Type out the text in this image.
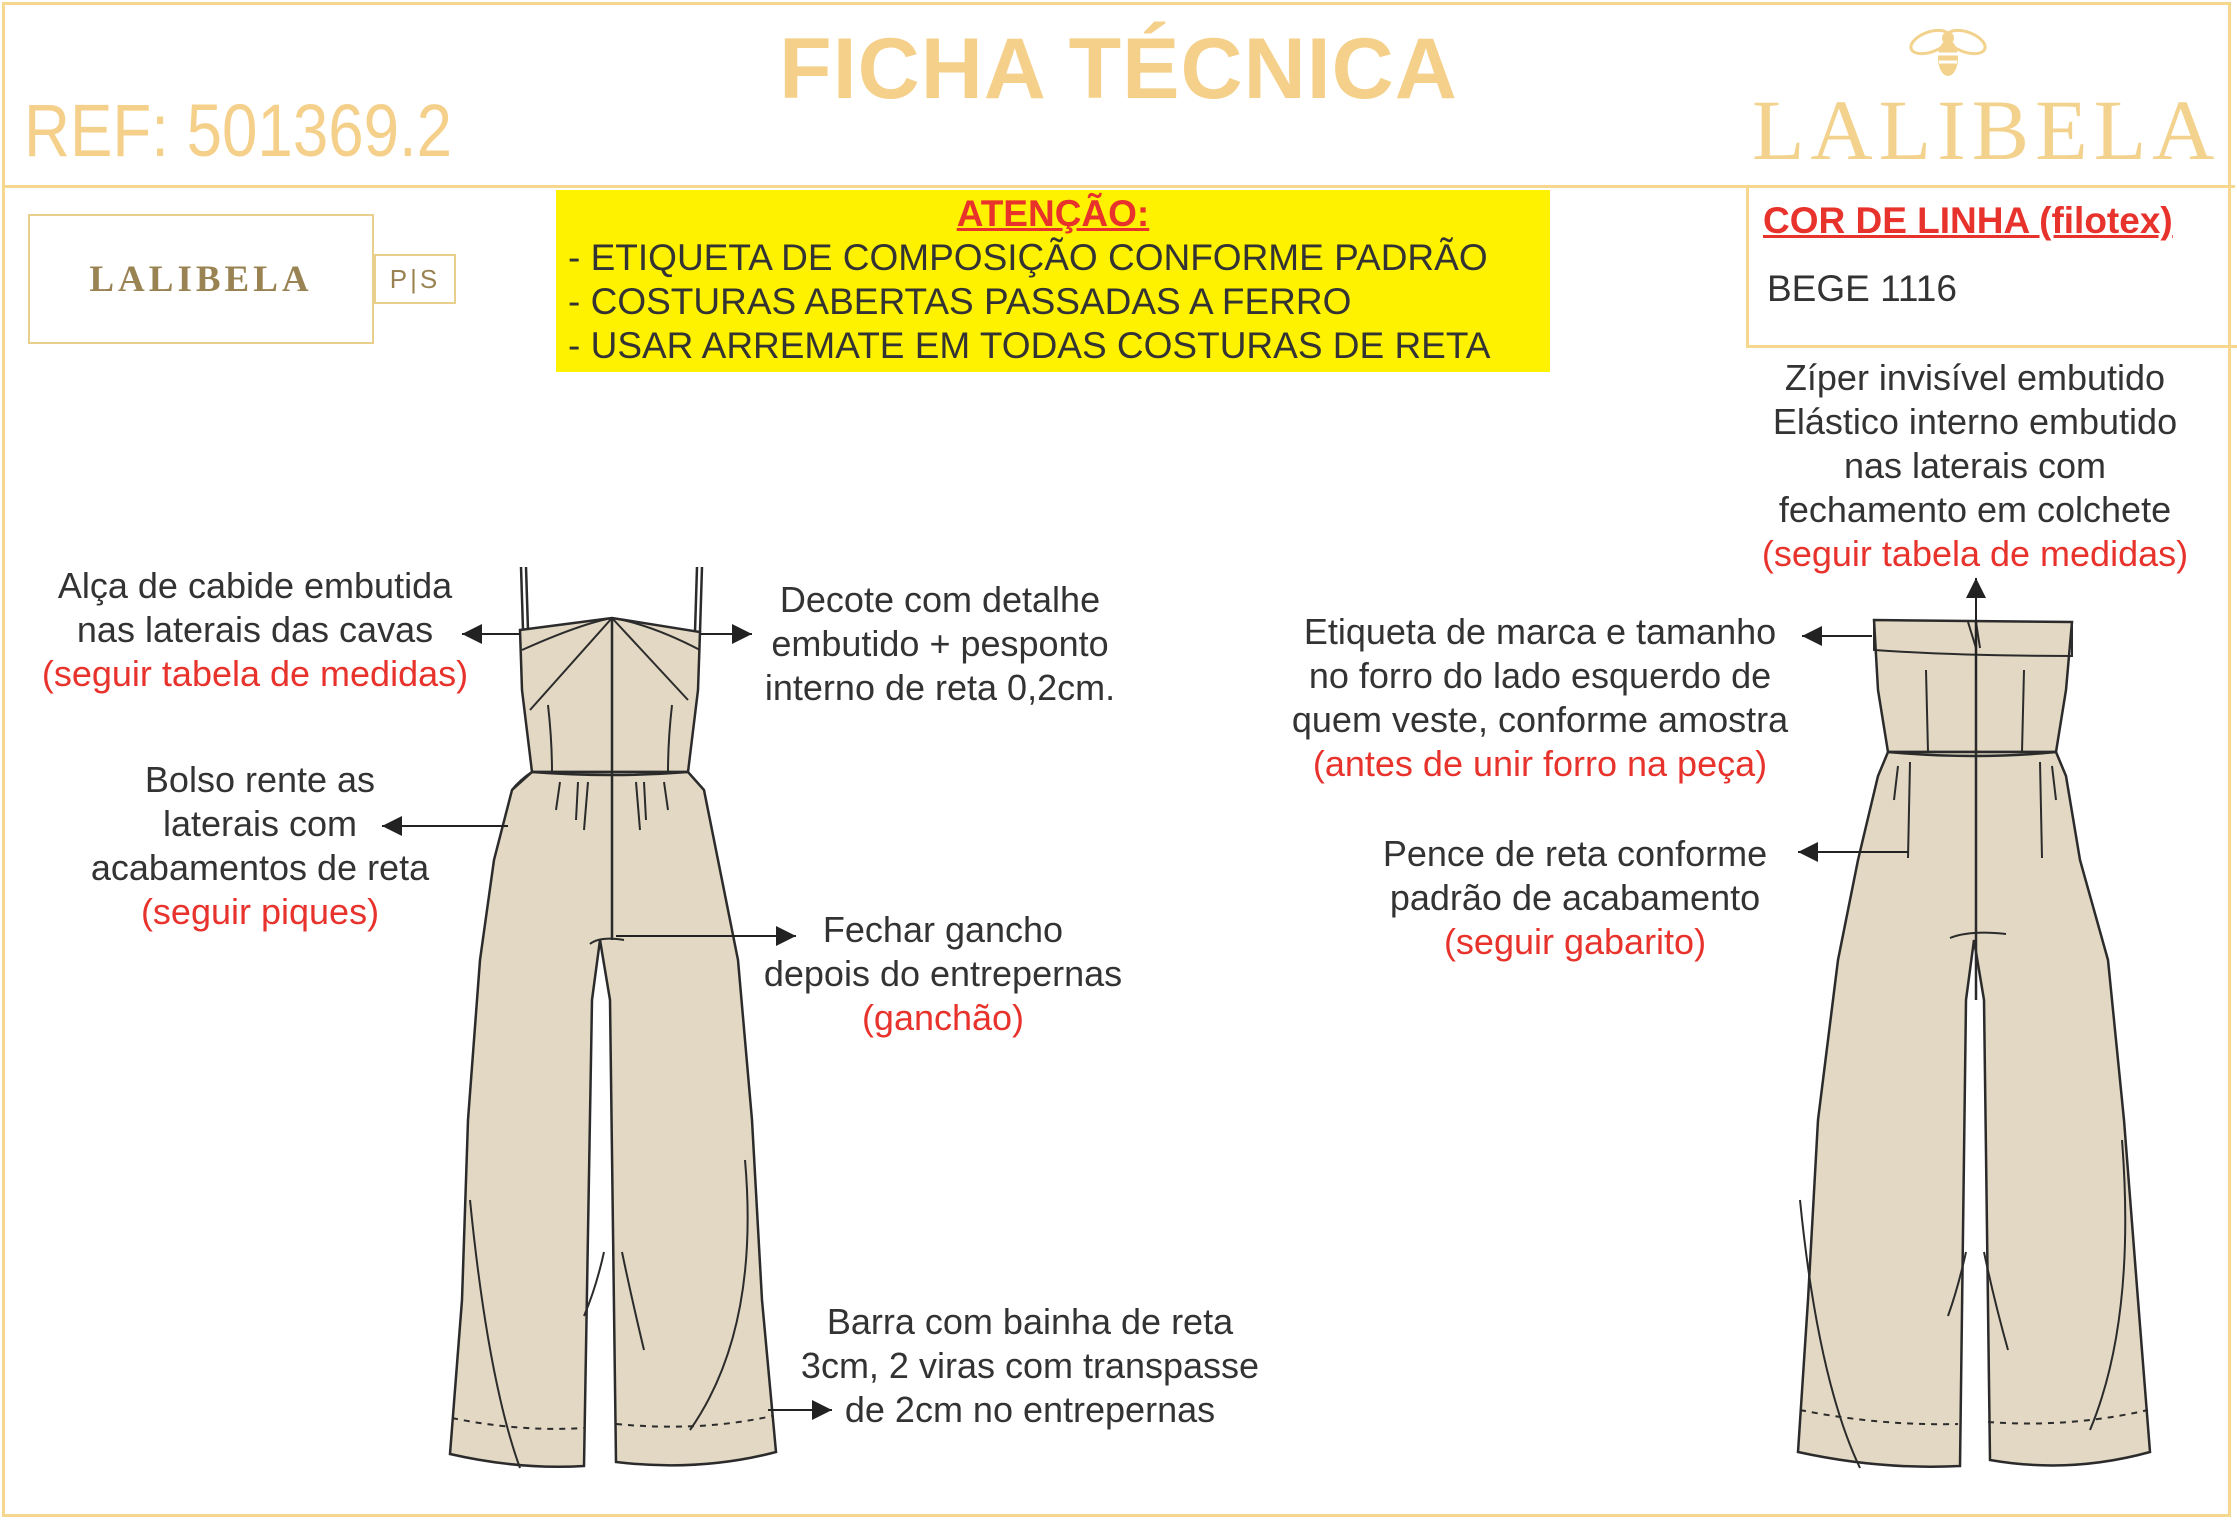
FICHA TÉCNICA
REF: 501369.2	LALIBELA
LALIBELA	P|S
ATENÇÃO:
- ETIQUETA DE COMPOSIÇÃO CONFORME PADRÃO
- COSTURAS ABERTAS PASSADAS A FERRO
- USAR ARREMATE EM TODAS COSTURAS DE RETA
COR DE LINHA (filotex)
BEGE 1116
Alça de cabide embutida
nas laterais das cavas
(seguir tabela de medidas)
Decote com detalhe
embutido + pesponto
interno de reta 0,2cm.
Bolso rente as
laterais com
acabamentos de reta
(seguir piques)	Fechar gancho
depois do entrepernas
(ganchão)
Barra com bainha de reta
3cm, 2 viras com transpasse
de 2cm no entrepernas
Zíper invisível embutido
Elástico interno embutido
nas laterais com
fechamento em colchete
(seguir tabela de medidas)
Etiqueta de marca e tamanho
no forro do lado esquerdo de
quem veste, conforme amostra
(antes de unir forro na peça)
Pence de reta conforme
padrão de acabamento
(seguir gabarito)
